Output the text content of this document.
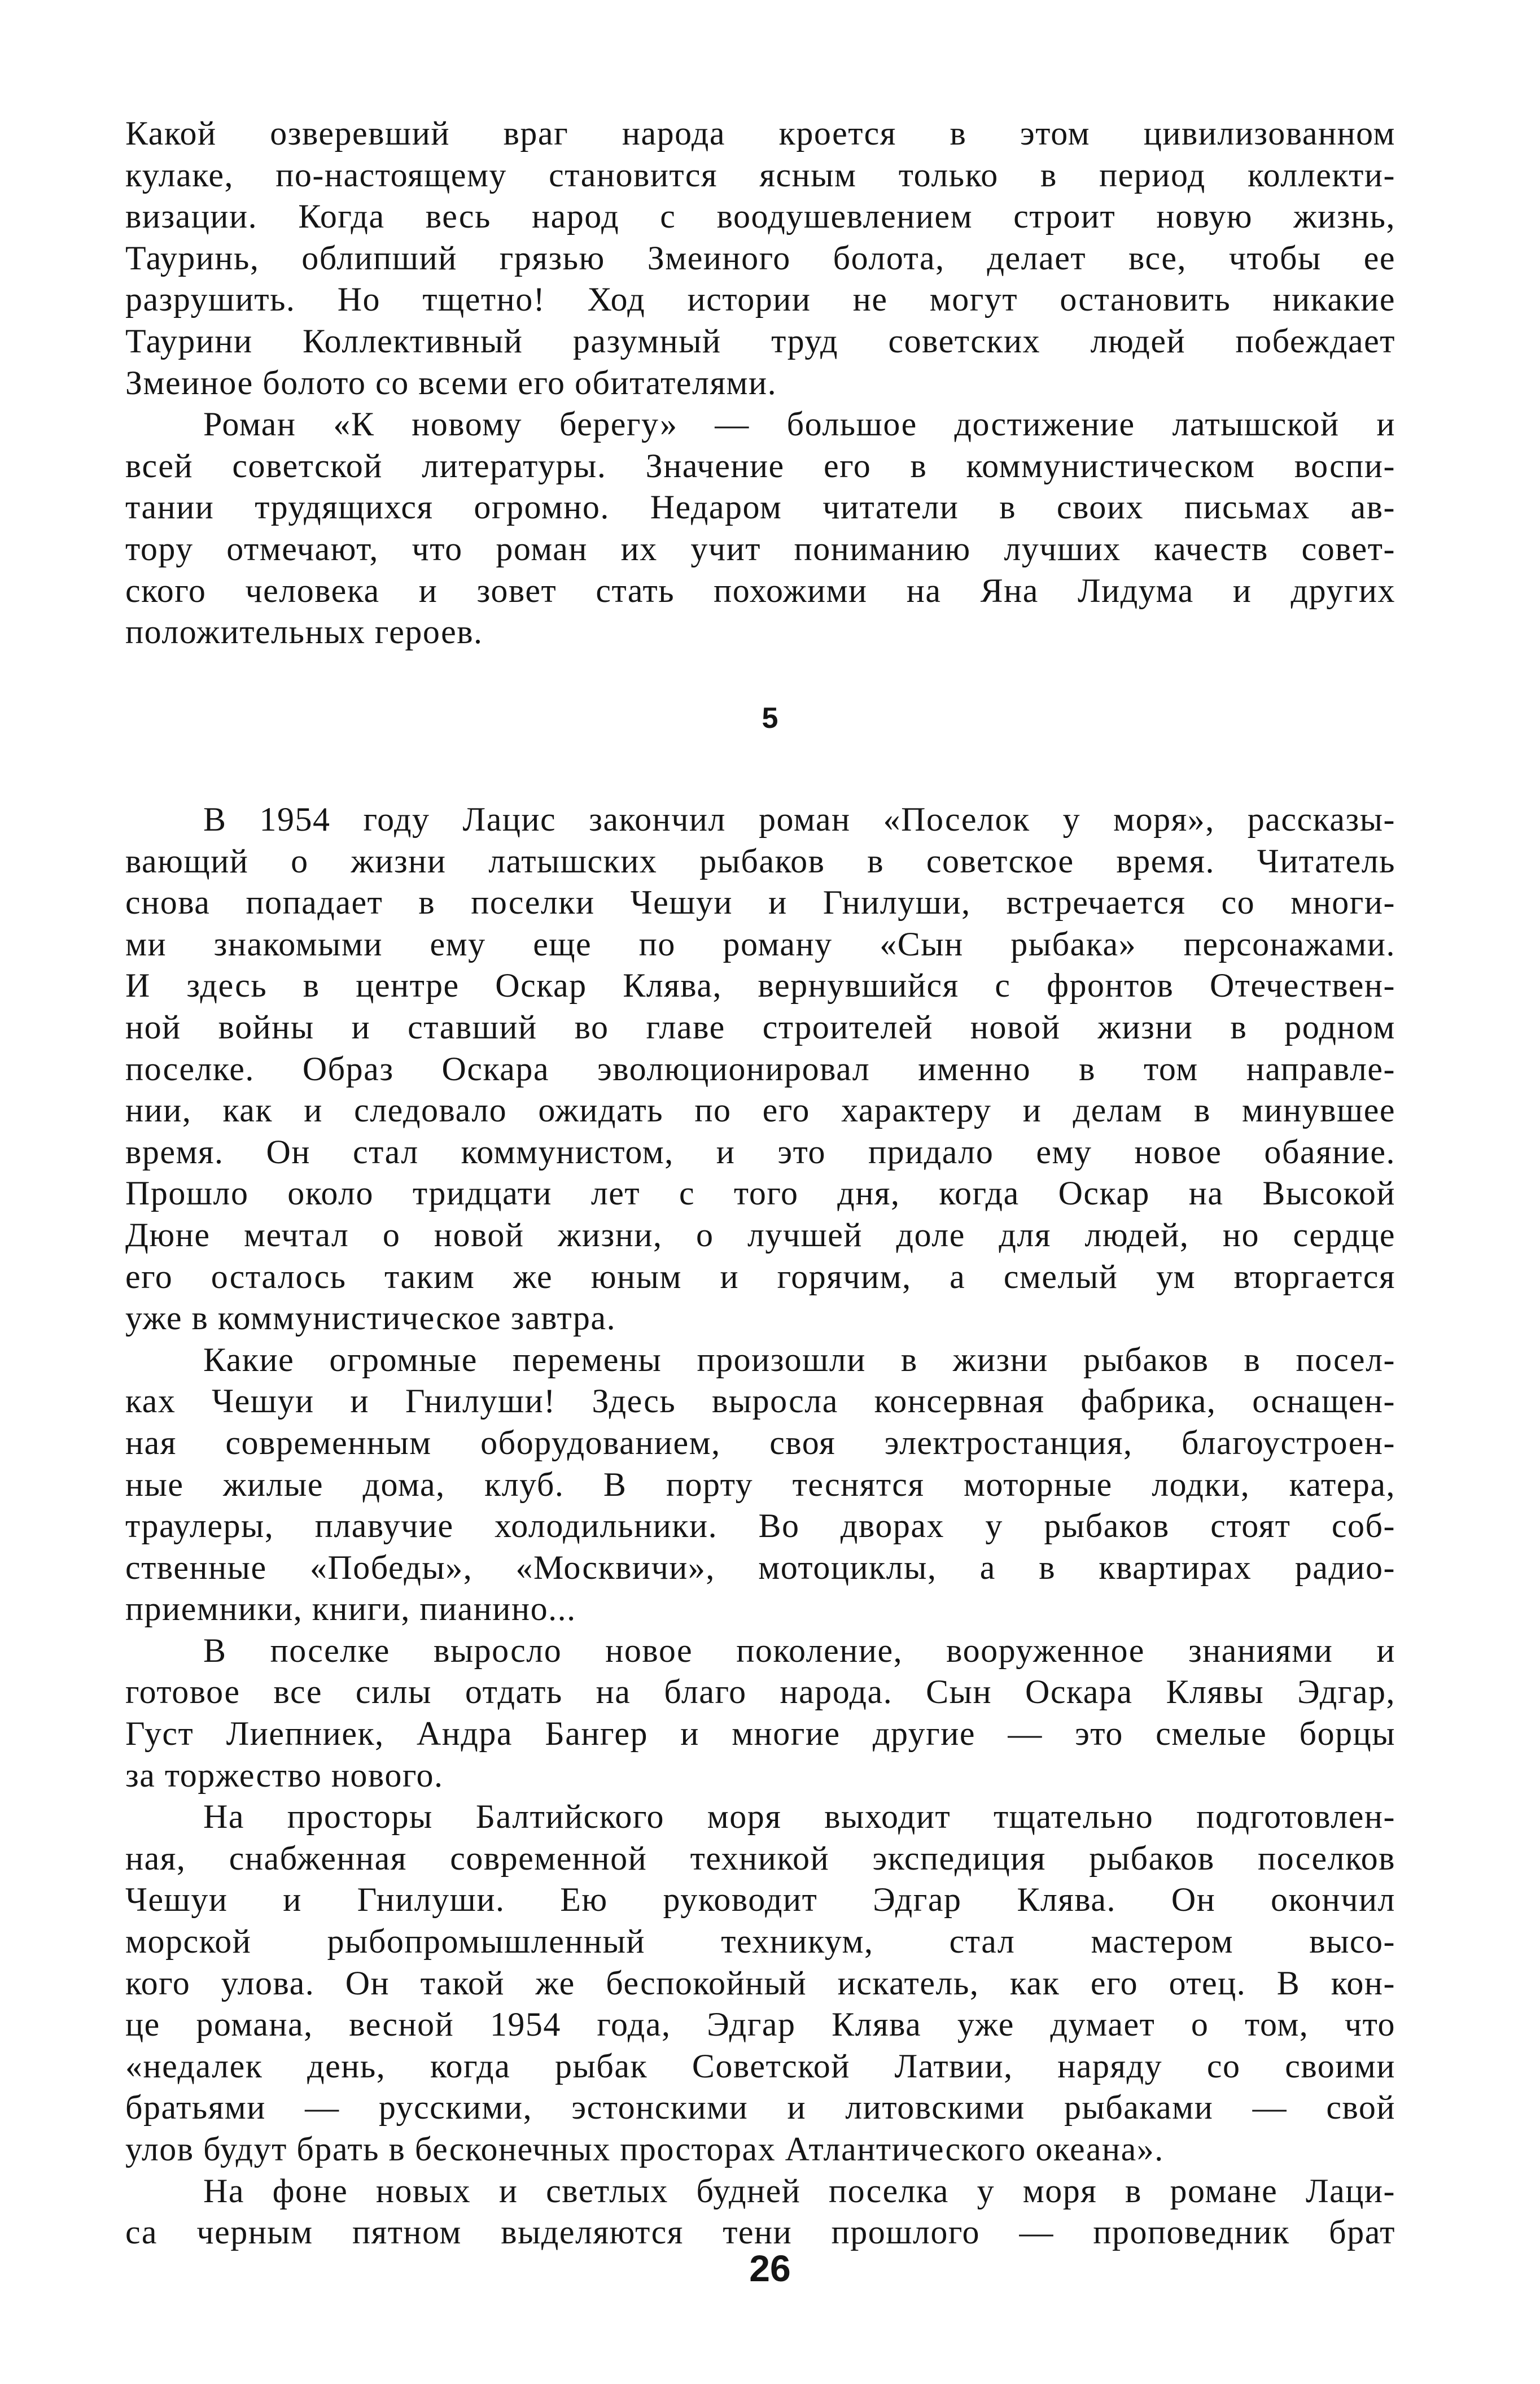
Какой озверевший враг народа кроется в этом цивилизованном
кулаке, по-настоящему становится ясным только в период коллекти-
визации. Когда весь народ с воодушевлением строит новую жизнь,
Тауринь, облипший грязью Змеиного болота, делает все, чтобы ее
разрушить. Но тщетно! Ход истории не могут остановить никакие
Таурини Коллективный разумный труд советских людей побеждает
Змеиное болото со всеми его обитателями.
Роман «К новому берегу» — большое достижение латышской и
всей советской литературы. Значение его в коммунистическом воспи-
тании трудящихся огромно. Недаром читатели в своих письмах ав-
тору отмечают, что роман их учит пониманию лучших качеств совет-
ского человека и зовет стать похожими на Яна Лидума и других
положительных героев.
5
В 1954 году Лацис закончил роман «Поселок у моря», рассказы-
вающий о жизни латышских рыбаков в советское время. Читатель
снова попадает в поселки Чешуи и Гнилуши, встречается со многи-
ми знакомыми ему еще по роману «Сын рыбака» персонажами.
И здесь в центре Оскар Клява, вернувшийся с фронтов Отечествен-
ной войны и ставший во главе строителей новой жизни в родном
поселке. Образ Оскара эволюционировал именно в том направле-
нии, как и следовало ожидать по его характеру и делам в минувшее
время. Он стал коммунистом, и это придало ему новое обаяние.
Прошло около тридцати лет с того дня, когда Оскар на Высокой
Дюне мечтал о новой жизни, о лучшей доле для людей, но сердце
его осталось таким же юным и горячим, а смелый ум вторгается
уже в коммунистическое завтра.
Какие огромные перемены произошли в жизни рыбаков в посел-
ках Чешуи и Гнилуши! Здесь выросла консервная фабрика, оснащен-
ная современным оборудованием, своя электростанция, благоустроен-
ные жилые дома, клуб. В порту теснятся моторные лодки, катера,
траулеры, плавучие холодильники. Во дворах у рыбаков стоят соб-
ственные «Победы», «Москвичи», мотоциклы, а в квартирах радио-
приемники, книги, пианино...
В поселке выросло новое поколение, вооруженное знаниями и
готовое все силы отдать на благо народа. Сын Оскара Клявы Эдгар,
Густ Лиепниек, Андра Бангер и многие другие — это смелые борцы
за торжество нового.
На просторы Балтийского моря выходит тщательно подготовлен-
ная, снабженная современной техникой экспедиция рыбаков поселков
Чешуи и Гнилуши. Ею руководит Эдгар Клява. Он окончил
морской рыбопромышленный техникум, стал мастером высо-
кого улова. Он такой же беспокойный искатель, как его отец. В кон-
це романа, весной 1954 года, Эдгар Клява уже думает о том, что
«недалек день, когда рыбак Советской Латвии, наряду со своими
братьями — русскими, эстонскими и литовскими рыбаками — свой
улов будут брать в бесконечных просторах Атлантического океана».
На фоне новых и светлых будней поселка у моря в романе Лаци-
са черным пятном выделяются тени прошлого — проповедник брат
26
